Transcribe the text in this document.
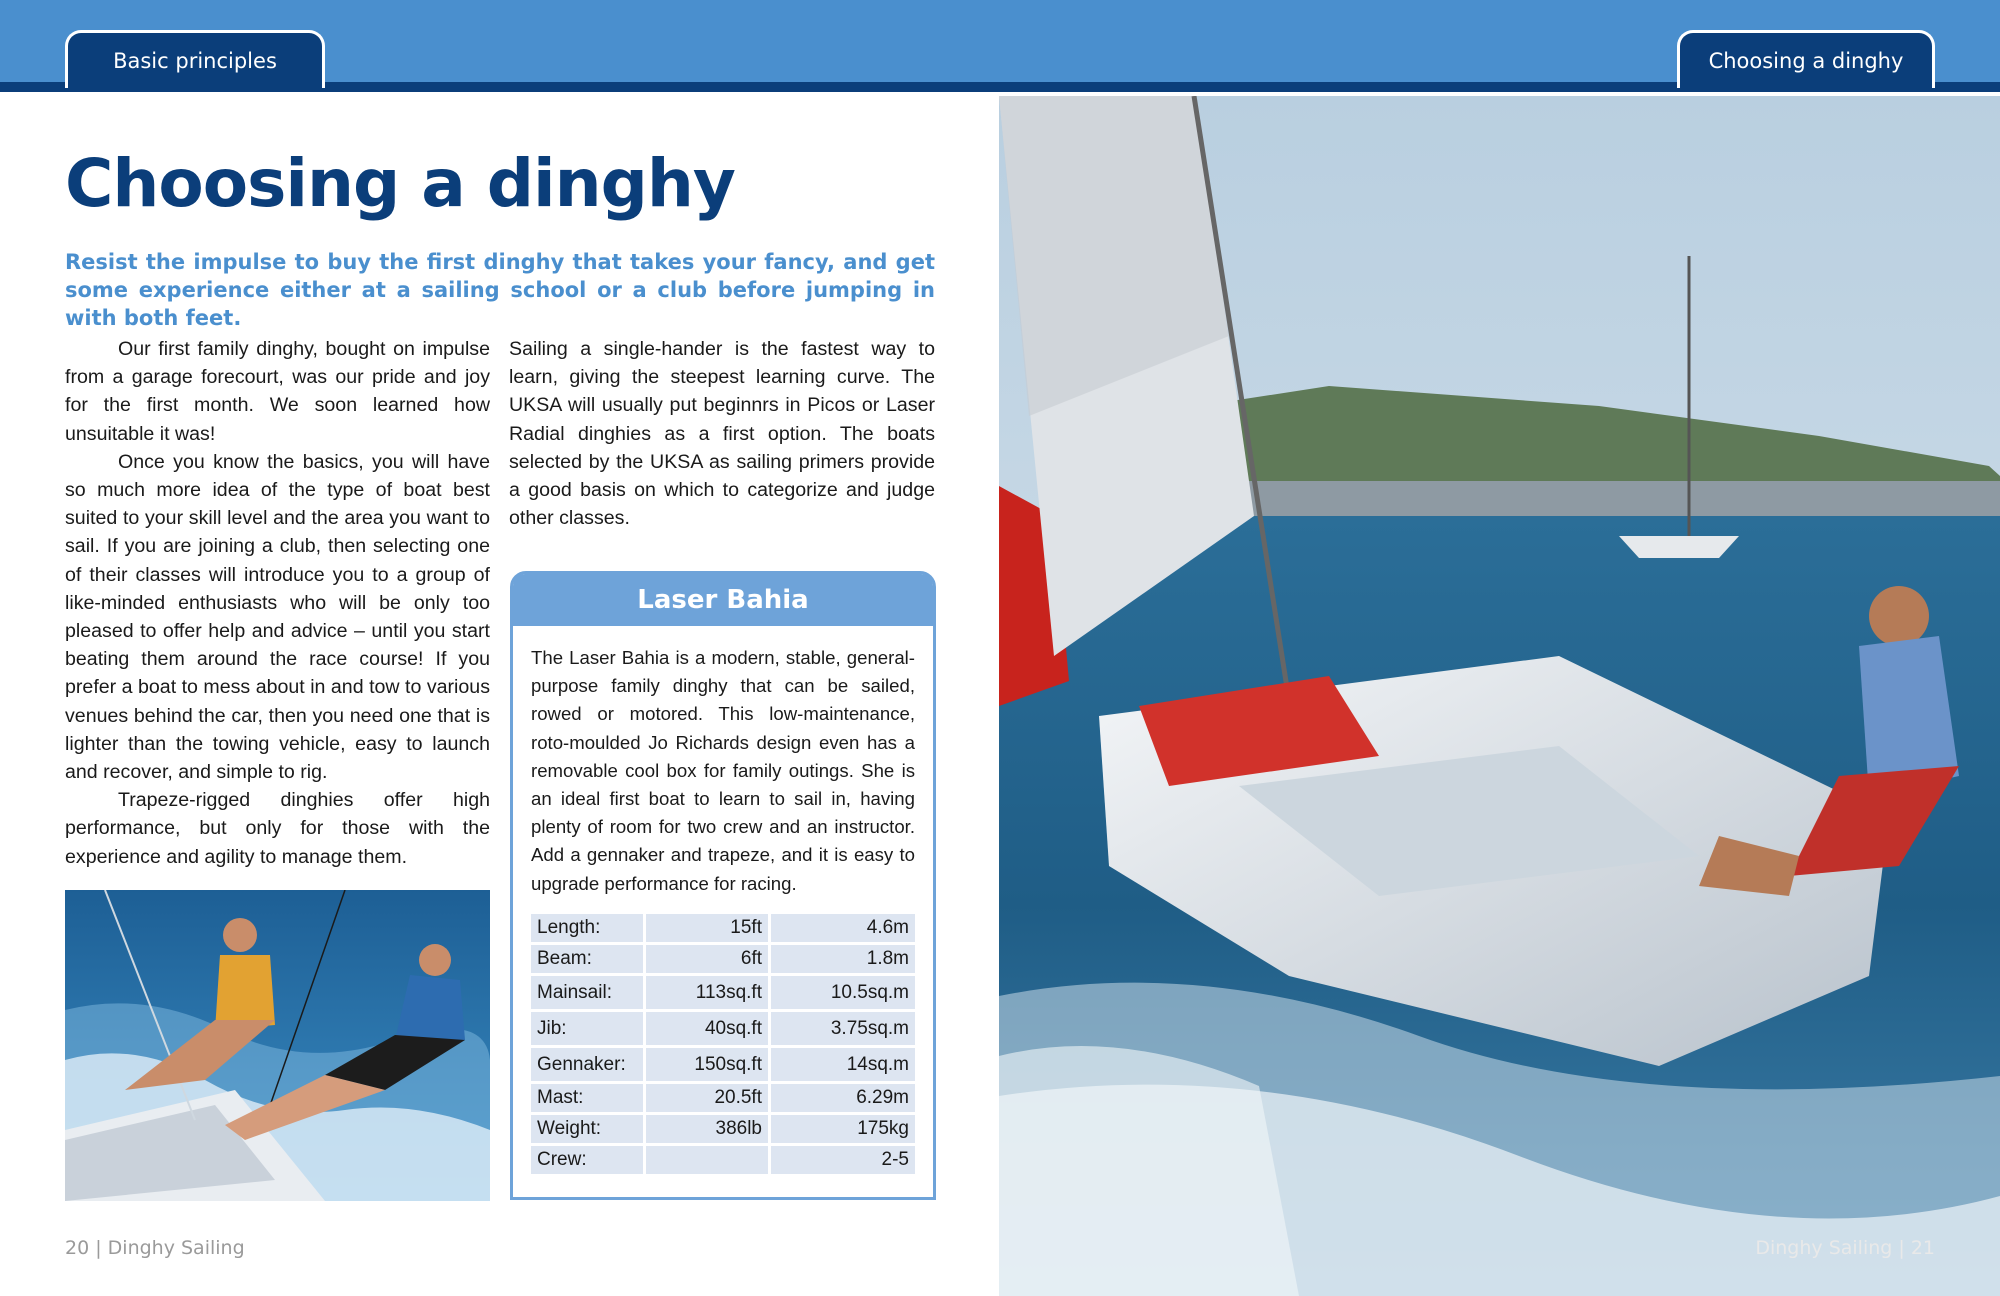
Basic principles	Choosing a dinghy
Choosing a dinghy

Resist the impulse to buy the first dinghy that takes your fancy, and get some experience either at a sailing school or a club before jumping in with both feet.

Our first family dinghy, bought on impulse from a garage forecourt, was our pride and joy for the first month. We soon learned how unsuitable it was!

Once you know the basics, you will have so much more idea of the type of boat best suited to your skill level and the area you want to sail. If you are joining a club, then selecting one of their classes will introduce you to a group of like-minded enthusiasts who will be only too pleased to offer help and advice – until you start beating them around the race course! If you prefer a boat to mess about in and tow to various venues behind the car, then you need one that is lighter than the towing vehicle, easy to launch and recover, and simple to rig.

Trapeze-rigged dinghies offer high performance, but only for those with the experience and agility to manage them.

Sailing a single-hander is the fastest way to learn, giving the steepest learning curve. The UKSA will usually put beginnrs in Picos or Laser Radial dinghies as a first option. The boats selected by the UKSA as sailing primers provide a good basis on which to categorize and judge other classes.

Laser Bahia

The Laser Bahia is a modern, stable, general-purpose family dinghy that can be sailed, rowed or motored. This low-maintenance, roto-moulded Jo Richards design even has a removable cool box for family outings. She is an ideal first boat to learn to sail in, having plenty of room for two crew and an instructor. Add a gennaker and trapeze, and it is easy to upgrade performance for racing.

Length:	15ft	4.6m
Beam:	6ft	1.8m
Mainsail:	113sq.ft	10.5sq.m
Jib:	40sq.ft	3.75sq.m
Gennaker:	150sq.ft	14sq.m
Mast:	20.5ft	6.29m
Weight:	386lb	175kg
Crew:		2-5
20 | Dinghy Sailing	Dinghy Sailing | 21
